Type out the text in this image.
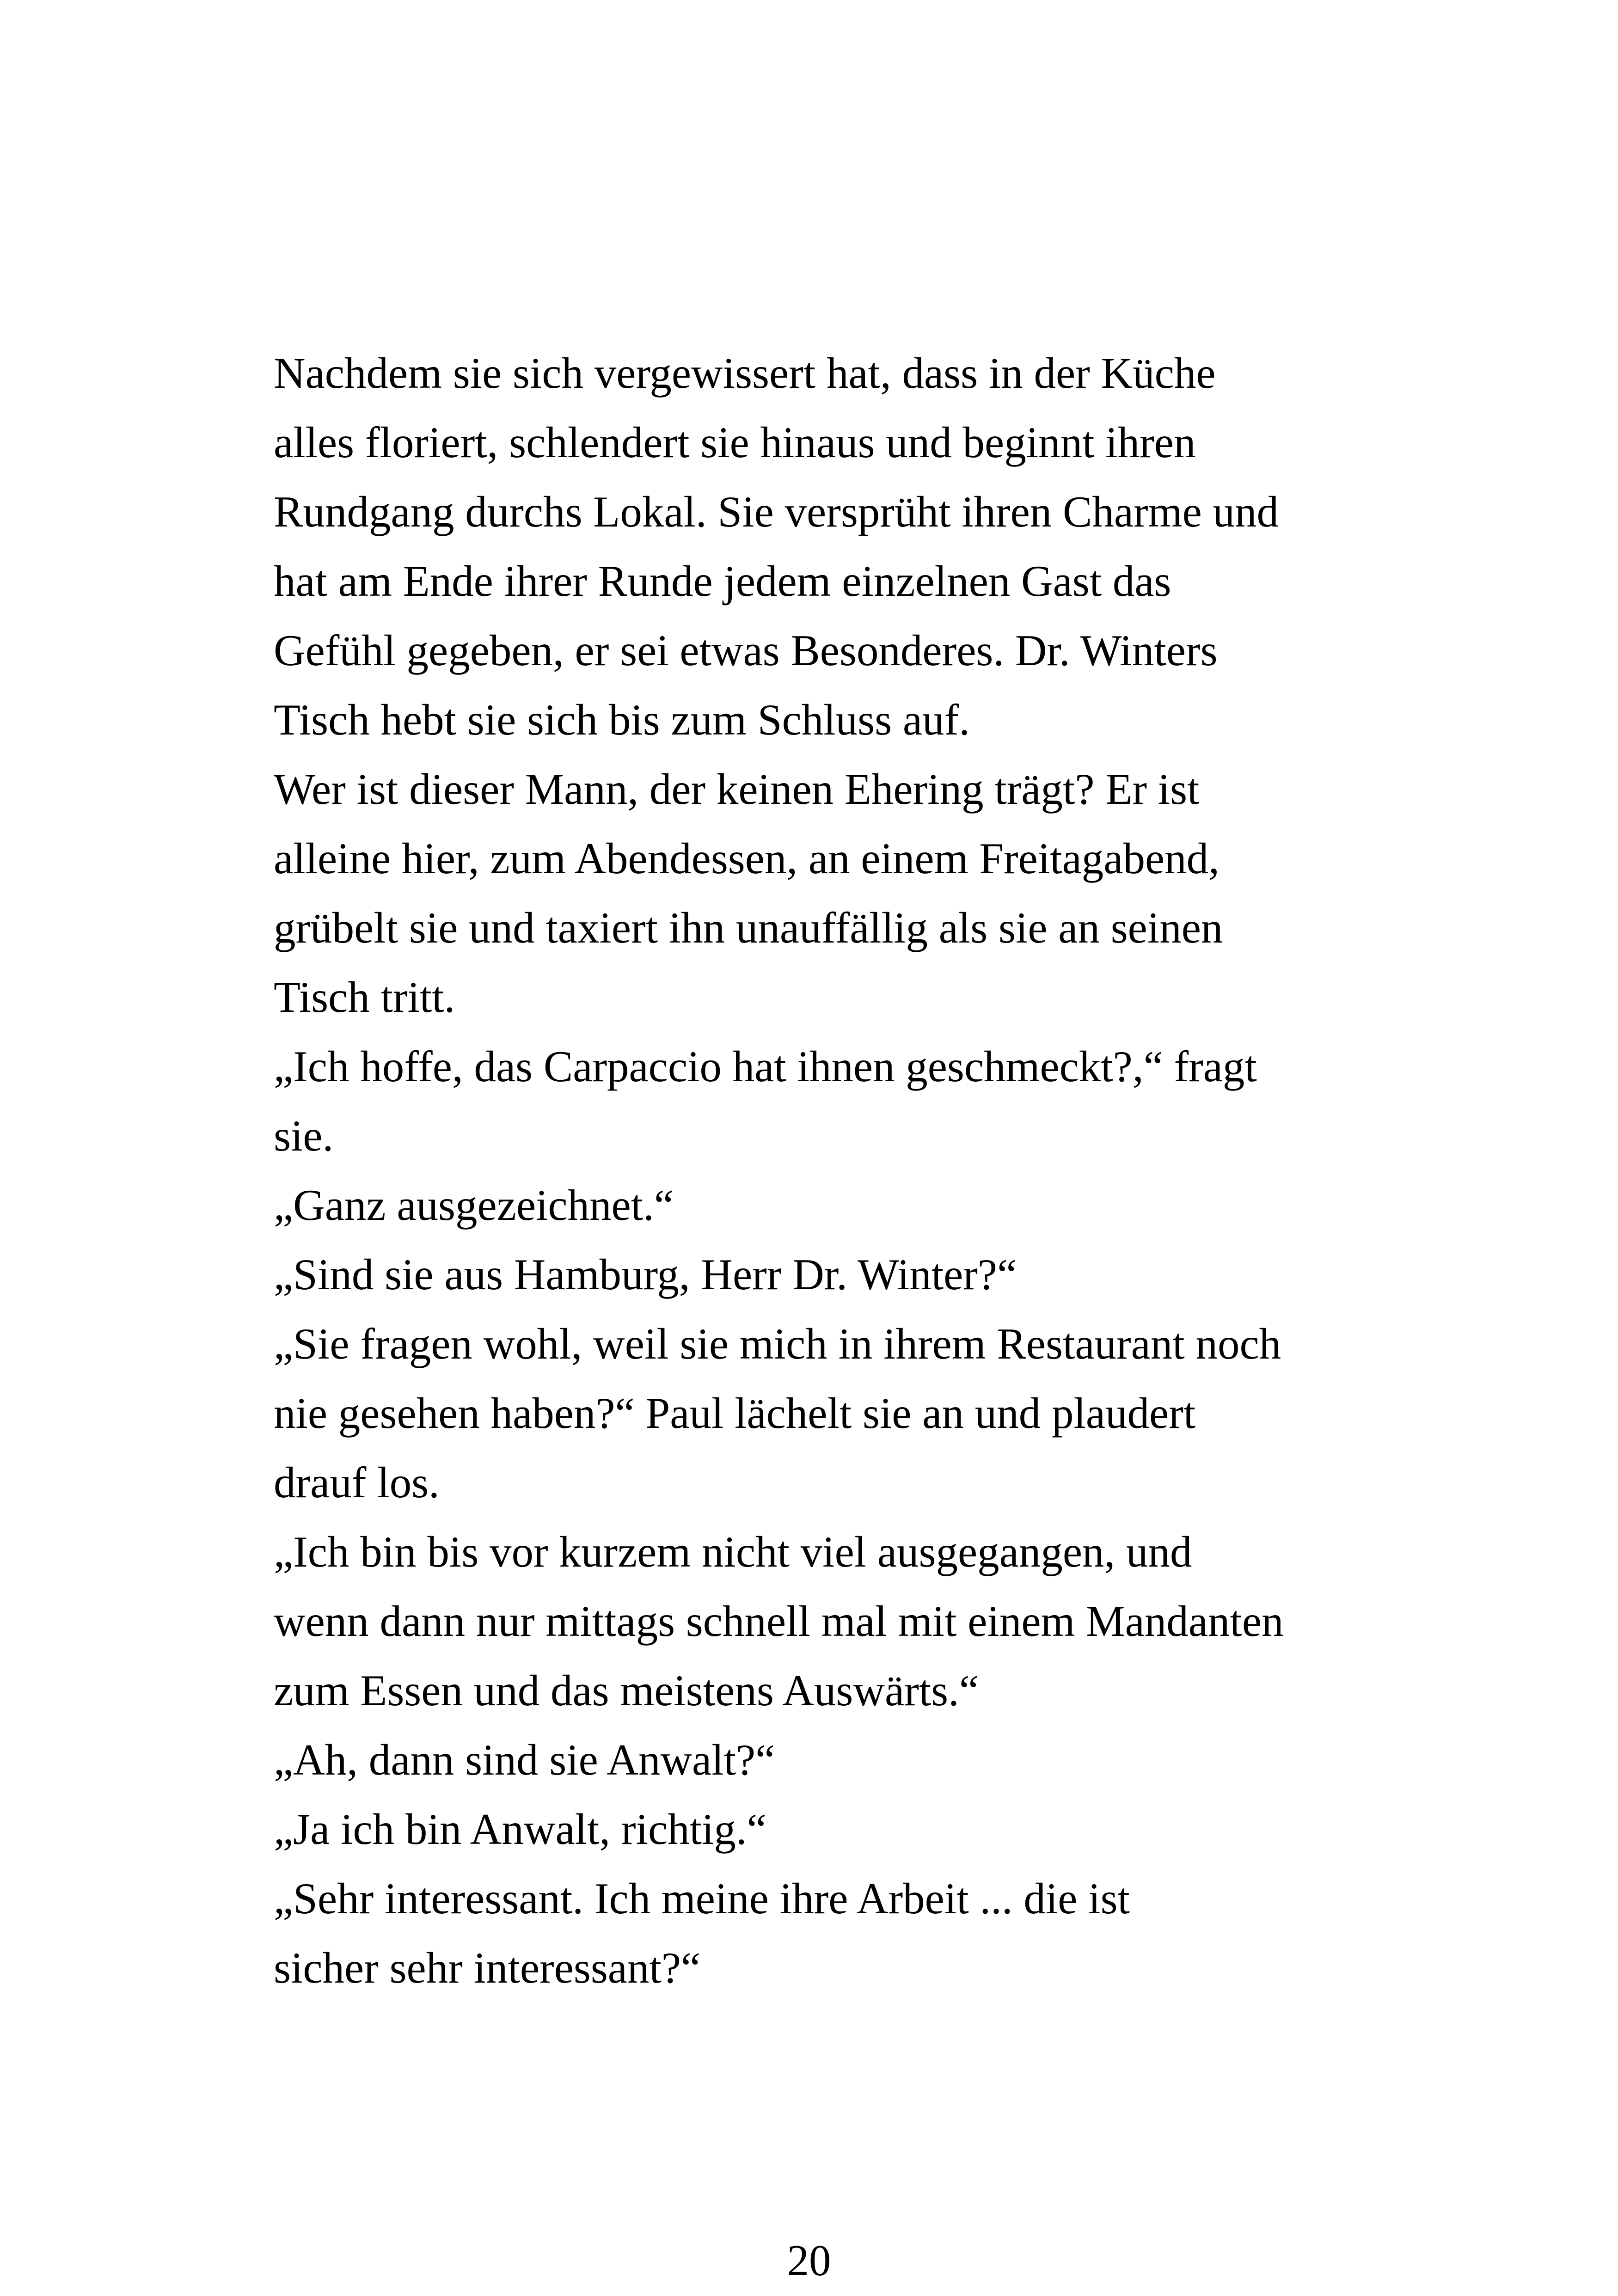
Nachdem sie sich vergewissert hat, dass in der Küche
alles floriert, schlendert sie hinaus und beginnt ihren
Rundgang durchs Lokal. Sie versprüht ihren Charme und
hat am Ende ihrer Runde jedem einzelnen Gast das
Gefühl gegeben, er sei etwas Besonderes. Dr. Winters
Tisch hebt sie sich bis zum Schluss auf.
Wer ist dieser Mann, der keinen Ehering trägt? Er ist
alleine hier, zum Abendessen, an einem Freitagabend,
grübelt sie und taxiert ihn unauffällig als sie an seinen
Tisch tritt.
„Ich hoffe, das Carpaccio hat ihnen geschmeckt?,“ fragt
sie.
„Ganz ausgezeichnet.“
„Sind sie aus Hamburg, Herr Dr. Winter?“
„Sie fragen wohl, weil sie mich in ihrem Restaurant noch
nie gesehen haben?“ Paul lächelt sie an und plaudert
drauf los.
„Ich bin bis vor kurzem nicht viel ausgegangen, und
wenn dann nur mittags schnell mal mit einem Mandanten
zum Essen und das meistens Auswärts.“
„Ah, dann sind sie Anwalt?“
„Ja ich bin Anwalt, richtig.“
„Sehr interessant. Ich meine ihre Arbeit ... die ist
sicher sehr interessant?“
20
